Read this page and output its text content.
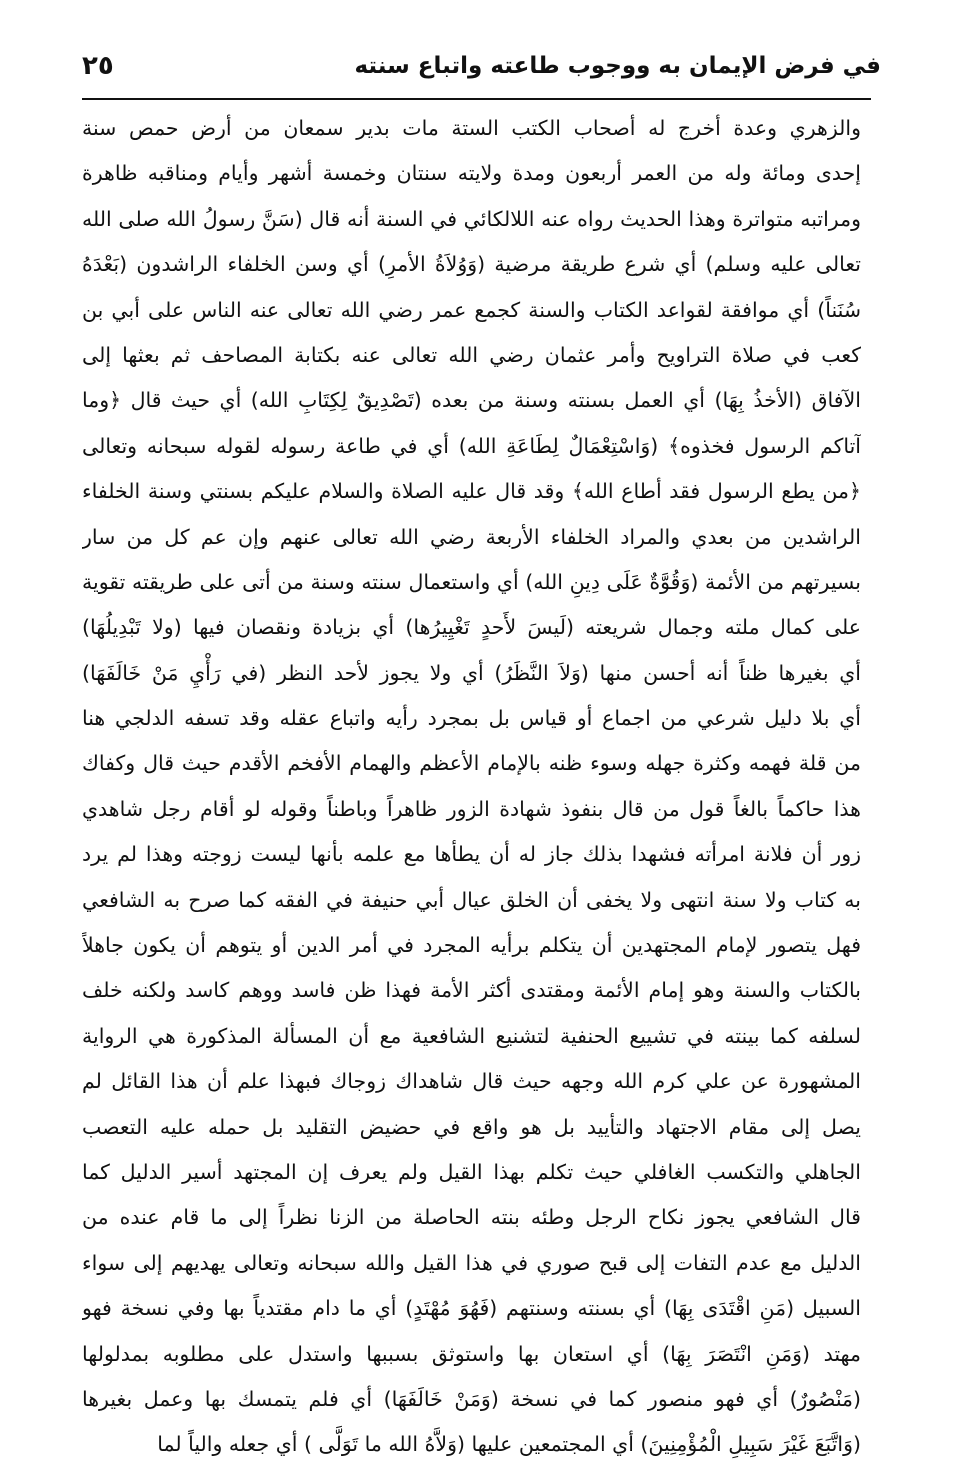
في فرض الإيمان به ووجوب طاعته واتباع سنته
٢٥
والزهري وعدة أخرج له أصحاب الكتب الستة مات بدير سمعان من أرض حمص سنة
إحدى ومائة وله من العمر أربعون ومدة ولايته سنتان وخمسة أشهر وأيام ومناقبه ظاهرة
ومراتبه متواترة وهذا الحديث رواه عنه اللالكائي في السنة أنه قال (سَنَّ رسولُ الله صلى الله
تعالى عليه وسلم) أي شرع طريقة مرضية (وَوُلاَةُ الأمرِ) أي وسن الخلفاء الراشدون (بَعْدَهُ
سُنَناً) أي موافقة لقواعد الكتاب والسنة كجمع عمر رضي الله تعالى عنه الناس على أبي بن
كعب في صلاة التراويح وأمر عثمان رضي الله تعالى عنه بكتابة المصاحف ثم بعثها إلى
الآفاق (الأخذُ بِهَا) أي العمل بسنته وسنة من بعده (تَصْدِيقٌ لِكِتَابِ الله) أي حيث قال ﴿وما
آتاكم الرسول فخذوه﴾ (وَاسْتِعْمَالٌ لِطَاعَةِ الله) أي في طاعة رسوله لقوله سبحانه وتعالى
﴿من يطع الرسول فقد أطاع الله﴾ وقد قال عليه الصلاة والسلام عليكم بسنتي وسنة الخلفاء
الراشدين من بعدي والمراد الخلفاء الأربعة رضي الله تعالى عنهم وإن عم كل من سار
بسيرتهم من الأئمة (وَقُوَّةٌ عَلَى دِينِ الله) أي واستعمال سنته وسنة من أتى على طريقته تقوية
على كمال ملته وجمال شريعته (لَيسَ لأَحدٍ تَغْيِيرُها) أي بزيادة ونقصان فيها (ولا تَبْدِيلُهَا)
أي بغيرها ظناً أنه أحسن منها (وَلاَ النَّظَرُ) أي ولا يجوز لأحد النظر (في رَأْيِ مَنْ خَالَفَهَا)
أي بلا دليل شرعي من اجماع أو قياس بل بمجرد رأيه واتباع عقله وقد تسفه الدلجي هنا
من قلة فهمه وكثرة جهله وسوء ظنه بالإمام الأعظم والهمام الأفخم الأقدم حيث قال وكفاك
هذا حاكماً بالغاً قول من قال بنفوذ شهادة الزور ظاهراً وباطناً وقوله لو أقام رجل شاهدي
زور أن فلانة امرأته فشهدا بذلك جاز له أن يطأها مع علمه بأنها ليست زوجته وهذا لم يرد
به كتاب ولا سنة انتهى ولا يخفى أن الخلق عيال أبي حنيفة في الفقه كما صرح به الشافعي
فهل يتصور لإمام المجتهدين أن يتكلم برأيه المجرد في أمر الدين أو يتوهم أن يكون جاهلاً
بالكتاب والسنة وهو إمام الأئمة ومقتدى أكثر الأمة فهذا ظن فاسد ووهم كاسد ولكنه خلف
لسلفه كما بينته في تشييع الحنفية لتشنيع الشافعية مع أن المسألة المذكورة هي الرواية
المشهورة عن علي كرم الله وجهه حيث قال شاهداك زوجاك فبهذا علم أن هذا القائل لم
يصل إلى مقام الاجتهاد والتأييد بل هو واقع في حضيض التقليد بل حمله عليه التعصب
الجاهلي والتكسب الغافلي حيث تكلم بهذا القيل ولم يعرف إن المجتهد أسير الدليل كما
قال الشافعي يجوز نكاح الرجل وطئه بنته الحاصلة من الزنا نظراً إلى ما قام عنده من
الدليل مع عدم التفات إلى قبح صوري في هذا القيل والله سبحانه وتعالى يهديهم إلى سواء
السبيل (مَنِ اقْتَدَى بِهَا) أي بسنته وسنتهم (فَهُوَ مُهْتَدٍ) أي ما دام مقتدياً بها وفي نسخة فهو
مهتد (وَمَنِ انْتَصَرَ بِهَا) أي استعان بها واستوثق بسببها واستدل على مطلوبه بمدلولها
(مَنْصُورٌ) أي فهو منصور كما في نسخة (وَمَنْ خَالَفَهَا) أي فلم يتمسك بها وعمل بغيرها
(وَاتَّبَعَ غَيْرَ سَبِيلِ الْمُؤْمِنِينَ) أي المجتمعين عليها (وَلاَّهُ الله ما تَوَلَّى ) أي جعله والياً لما
